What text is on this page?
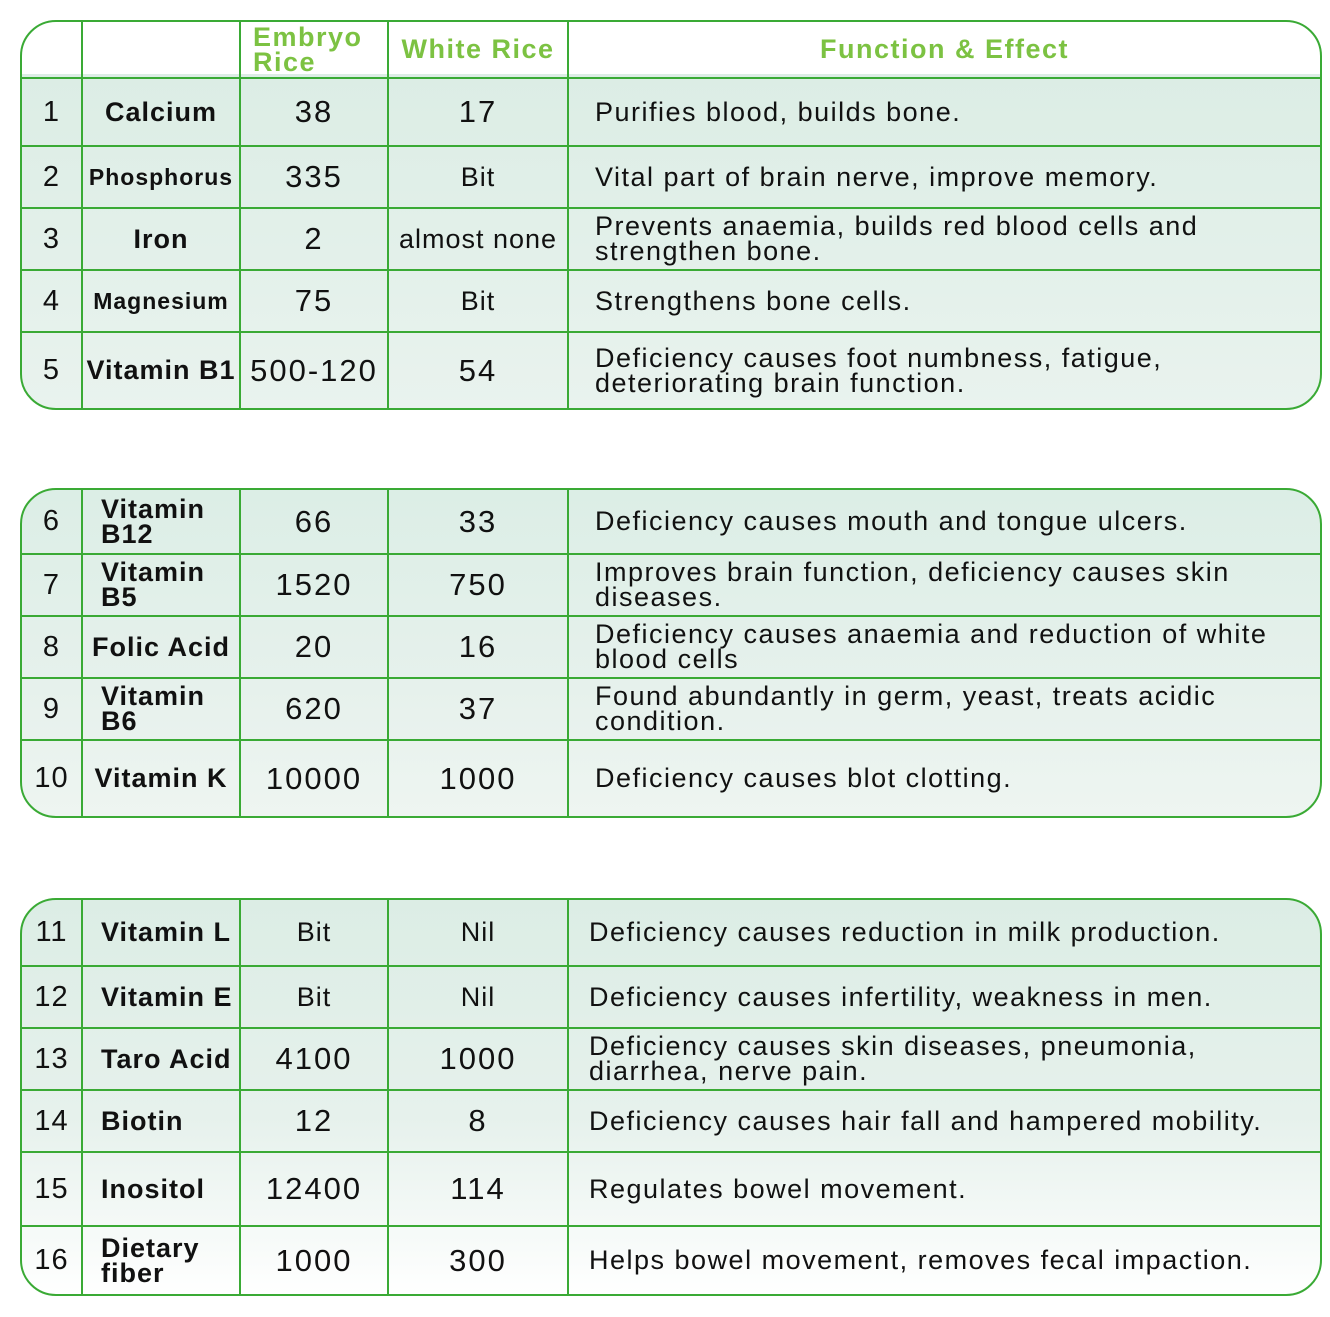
		Embryo Rice	White Rice	Function & Effect
1	Calcium	38	17	Purifies blood, builds bone.
2	Phosphorus	335	Bit	Vital part of brain nerve, improve memory.
3	Iron	2	almost none	Prevents anaemia, builds red blood cells and strengthen bone.
4	Magnesium	75	Bit	Strengthens bone cells.
5	Vitamin B1	500-120	54	Deficiency causes foot numbness, fatigue, deteriorating brain function.
6	Vitamin B12	66	33	Deficiency causes mouth and tongue ulcers.
7	Vitamin B5	1520	750	Improves brain function, deficiency causes skin diseases.
8	Folic Acid	20	16	Deficiency causes anaemia and reduction of white blood cells
9	Vitamin B6	620	37	Found abundantly in germ, yeast, treats acidic condition.
10	Vitamin K	10000	1000	Deficiency causes blot clotting.
11	Vitamin L	Bit	Nil	Deficiency causes reduction in milk production.
12	Vitamin E	Bit	Nil	Deficiency causes infertility, weakness in men.
13	Taro Acid	4100	1000	Deficiency causes skin diseases, pneumonia, diarrhea, nerve pain.
14	Biotin	12	8	Deficiency causes hair fall and hampered mobility.
15	Inositol	12400	114	Regulates bowel movement.
16	Dietary fiber	1000	300	Helps bowel movement, removes fecal impaction.
